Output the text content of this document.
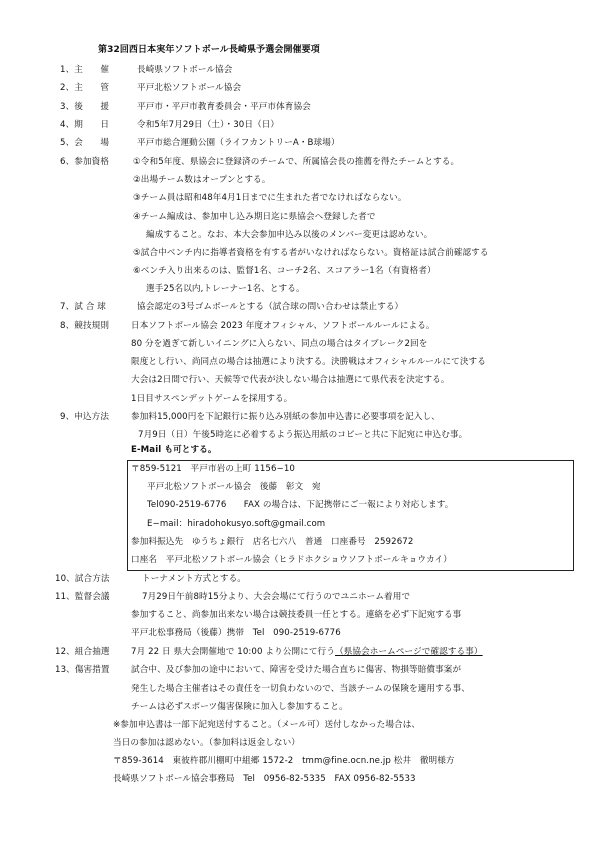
第32回西日本実年ソフトボール長崎県予選会開催要項
1、主　　催	長崎県ソフトボール協会
2、主　　管	平戸北松ソフトボール協会
3、後　　援	平戸市・平戸市教育委員会・平戸市体育協会
4、期　　日	令和5年7月29日（土）・30日（日）
5、会　　場	平戸市総合運動公園（ライフカントリーA・B球場）
6、参加資格	①令和5年度、県協会に登録済のチームで、所属協会長の推薦を得たチームとする。
②出場チーム数はオープンとする。
③チーム員は昭和48年4月1日までに生まれた者でなければならない。
④チーム編成は、参加申し込み期日迄に県協会へ登録した者で
編成すること。なお、本大会参加申込み以後のメンバー変更は認めない。
⑤試合中ベンチ内に指導者資格を有する者がいなければならない。資格証は試合前確認する
⑥ベンチ入り出来るのは、監督1名、コーチ2名、スコアラー1名（有資格者）
選手25名以内,トレーナー1名、とする。
7、試 合 球	協会認定の3号ゴムボールとする（試合球の問い合わせは禁止する）
8、競技規則	日本ソフトボール協会 2023 年度オフィシャル、ソフトボールルールによる。
80 分を過ぎて新しいイニングに入らない、同点の場合はタイブレーク2回を
限度とし行い、尚同点の場合は抽選により決する。決勝戦はオフィシャルルールにて決する
大会は2日間で行い、天候等で代表が決しない場合は抽選にて県代表を決定する。
1日目サスペンデットゲームを採用する。
9、申込方法	参加料15,000円を下記銀行に振り込み別紙の参加申込書に必要事項を記入し、
7月9日（日）午後5時迄に必着するよう振込用紙のコピーと共に下記宛に申込む事。
E-Mail も可とする。
〒859-5121　平戸市岩の上町 1156−10
平戸北松ソフトボール協会　後藤　彰文　宛
Tel090-2519-6776　　FAX の場合は、下記携帯にご一報により対応します。
E−mail：hiradohokusyo.soft@gmail.com
参加料振込先　ゆうちょ銀行　店名七六八　普通　口座番号　2592672
口座名　平戸北松ソフトボール協会（ヒラドホクショウソフトボールキョウカイ）
10、試合方法	トーナメント方式とする。
11、監督会議	7月29日午前8時15分より、大会会場にて行うのでユニホーム着用で
参加すること、尚参加出来ない場合は競技委員一任とする。連絡を必ず下記宛する事
平戸北松事務局（後藤）携帯　Tel　090-2519-6776
12、組合抽選 7月 22 日 県大会開催地で 10:00 より公開にて行う （県協会ホームページで確認する事）
13、傷害措置 試合中、及び参加の途中において、障害を受けた場合直ちに傷害、物損等賠償事案が
発生した場合主催者はその責任を一切負わないので、当該チームの保険を適用する事、
チームは必ずスポーツ傷害保険に加入し参加すること。
※参加申込書は一部下記宛送付すること。（メール可）送付しなかった場合は、
当日の参加は認めない。（参加料は返金しない）
〒859-3614　東彼杵郡川棚町中組郷 1572-2　tmm@fine.ocn.ne.jp 松井　徹明様方
長崎県ソフトボール協会事務局　Tel　0956-82-5335　FAX 0956-82-5533
